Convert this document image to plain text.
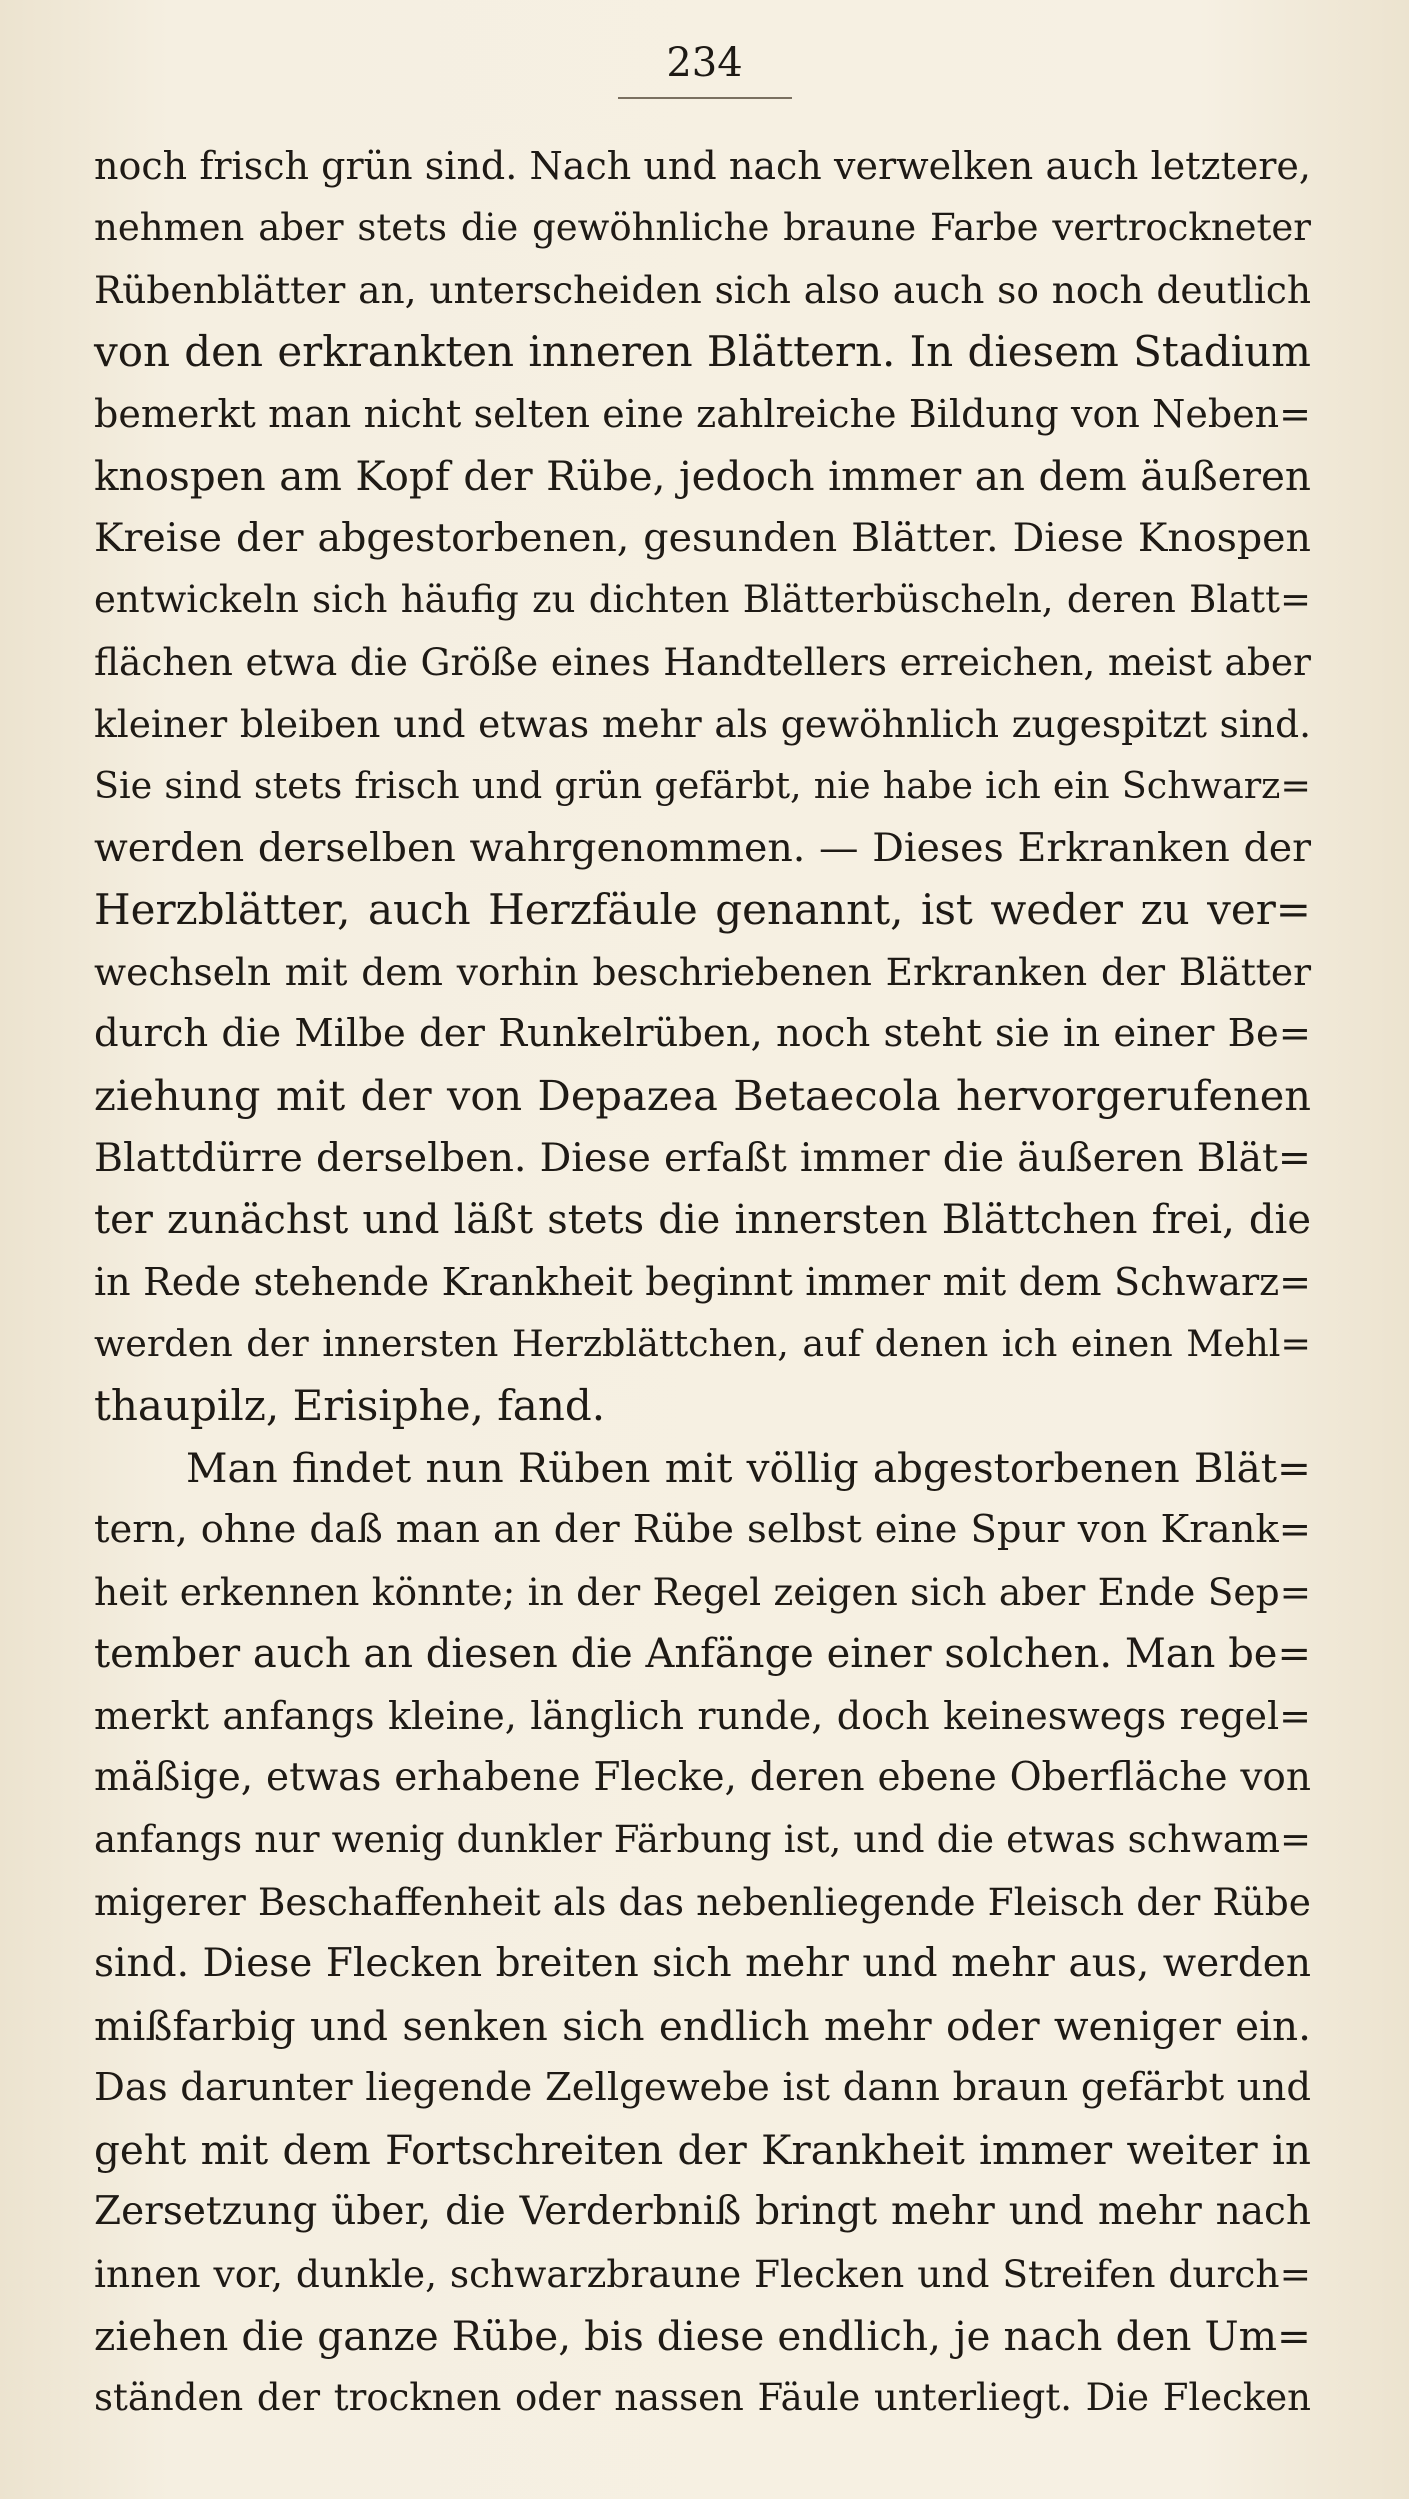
234
noch frisch grün sind. Nach und nach verwelken auch letztere,
nehmen aber stets die gewöhnliche braune Farbe vertrockneter
Rübenblätter an, unterscheiden sich also auch so noch deutlich
von den erkrankten inneren Blättern. In diesem Stadium
bemerkt man nicht selten eine zahlreiche Bildung von Neben=
knospen am Kopf der Rübe, jedoch immer an dem äußeren
Kreise der abgestorbenen, gesunden Blätter. Diese Knospen
entwickeln sich häufig zu dichten Blätterbüscheln, deren Blatt=
flächen etwa die Größe eines Handtellers erreichen, meist aber
kleiner bleiben und etwas mehr als gewöhnlich zugespitzt sind.
Sie sind stets frisch und grün gefärbt, nie habe ich ein Schwarz=
werden derselben wahrgenommen. — Dieses Erkranken der
Herzblätter, auch Herzfäule genannt, ist weder zu ver=
wechseln mit dem vorhin beschriebenen Erkranken der Blätter
durch die Milbe der Runkelrüben, noch steht sie in einer Be=
ziehung mit der von Depazea Betaecola hervorgerufenen
Blattdürre derselben. Diese erfaßt immer die äußeren Blät=
ter zunächst und läßt stets die innersten Blättchen frei, die
in Rede stehende Krankheit beginnt immer mit dem Schwarz=
werden der innersten Herzblättchen, auf denen ich einen Mehl=
thaupilz, Erisiphe, fand.
Man findet nun Rüben mit völlig abgestorbenen Blät=
tern, ohne daß man an der Rübe selbst eine Spur von Krank=
heit erkennen könnte; in der Regel zeigen sich aber Ende Sep=
tember auch an diesen die Anfänge einer solchen. Man be=
merkt anfangs kleine, länglich runde, doch keineswegs regel=
mäßige, etwas erhabene Flecke, deren ebene Oberfläche von
anfangs nur wenig dunkler Färbung ist, und die etwas schwam=
migerer Beschaffenheit als das nebenliegende Fleisch der Rübe
sind. Diese Flecken breiten sich mehr und mehr aus, werden
mißfarbig und senken sich endlich mehr oder weniger ein.
Das darunter liegende Zellgewebe ist dann braun gefärbt und
geht mit dem Fortschreiten der Krankheit immer weiter in
Zersetzung über, die Verderbniß bringt mehr und mehr nach
innen vor, dunkle, schwarzbraune Flecken und Streifen durch=
ziehen die ganze Rübe, bis diese endlich, je nach den Um=
ständen der trocknen oder nassen Fäule unterliegt. Die Flecken
